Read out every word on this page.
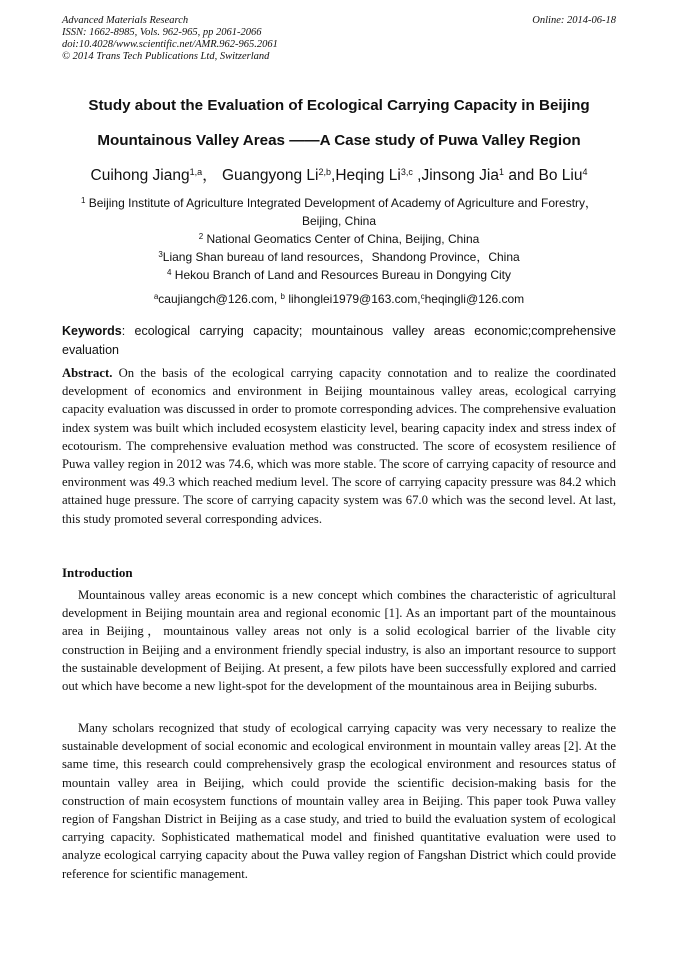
Advanced Materials Research
ISSN: 1662-8985, Vols. 962-965, pp 2061-2066
doi:10.4028/www.scientific.net/AMR.962-965.2061
© 2014 Trans Tech Publications Ltd, Switzerland
Online: 2014-06-18
Study about the Evaluation of Ecological Carrying Capacity in Beijing
Mountainous Valley Areas ——A Case study of Puwa Valley Region
Cuihong Jiang$^{1,a}$， Guangyong Li$^{2,b}$,Heqing Li$^{3,c}$ ,Jinsong Jia$^1$ and Bo Liu$^4$
$^1$ Beijing Institute of Agriculture Integrated Development of Academy of Agriculture and Forestry，
Beijing, China
$^2$ National Geomatics Center of China, Beijing, China
$^3$Liang Shan bureau of land resources，Shandong Province，China
$^4$ Hekou Branch of Land and Resources Bureau in Dongying City
$^a$caujiangch@126.com, $^b$ lihonglei1979@163.com,$^c$heqingli@126.com
Keywords: ecological carrying capacity; mountainous valley areas economic;comprehensive evaluation
Abstract. On the basis of the ecological carrying capacity connotation and to realize the coordinated development of economics and environment in Beijing mountainous valley areas, ecological carrying capacity evaluation was discussed in order to promote corresponding advices. The comprehensive evaluation index system was built which included ecosystem elasticity level, bearing capacity index and stress index of ecotourism. The comprehensive evaluation method was constructed. The score of ecosystem resilience of Puwa valley region in 2012 was 74.6, which was more stable. The score of carrying capacity of resource and environment was 49.3 which reached medium level. The score of carrying capacity pressure was 84.2 which attained huge pressure. The score of carrying capacity system was 67.0 which was the second level. At last, this study promoted several corresponding advices.
Introduction
Mountainous valley areas economic is a new concept which combines the characteristic of agricultural development in Beijing mountain area and regional economic [1]. As an important part of the mountainous area in Beijing，mountainous valley areas not only is a solid ecological barrier of the livable city construction in Beijing and a environment friendly special industry, is also an important resource to support the sustainable development of Beijing. At present, a few pilots have been successfully explored and carried out which have become a new light-spot for the development of the mountainous area in Beijing suburbs.
Many scholars recognized that study of ecological carrying capacity was very necessary to realize the sustainable development of social economic and ecological environment in mountain valley areas [2]. At the same time, this research could comprehensively grasp the ecological environment and resources status of mountain valley area in Beijing, which could provide the scientific decision-making basis for the construction of main ecosystem functions of mountain valley area in Beijing. This paper took Puwa valley region of Fangshan District in Beijing as a case study, and tried to build the evaluation system of ecological carrying capacity. Sophisticated mathematical model and finished quantitative evaluation were used to analyze ecological carrying capacity about the Puwa valley region of Fangshan District which could provide reference for scientific management.
